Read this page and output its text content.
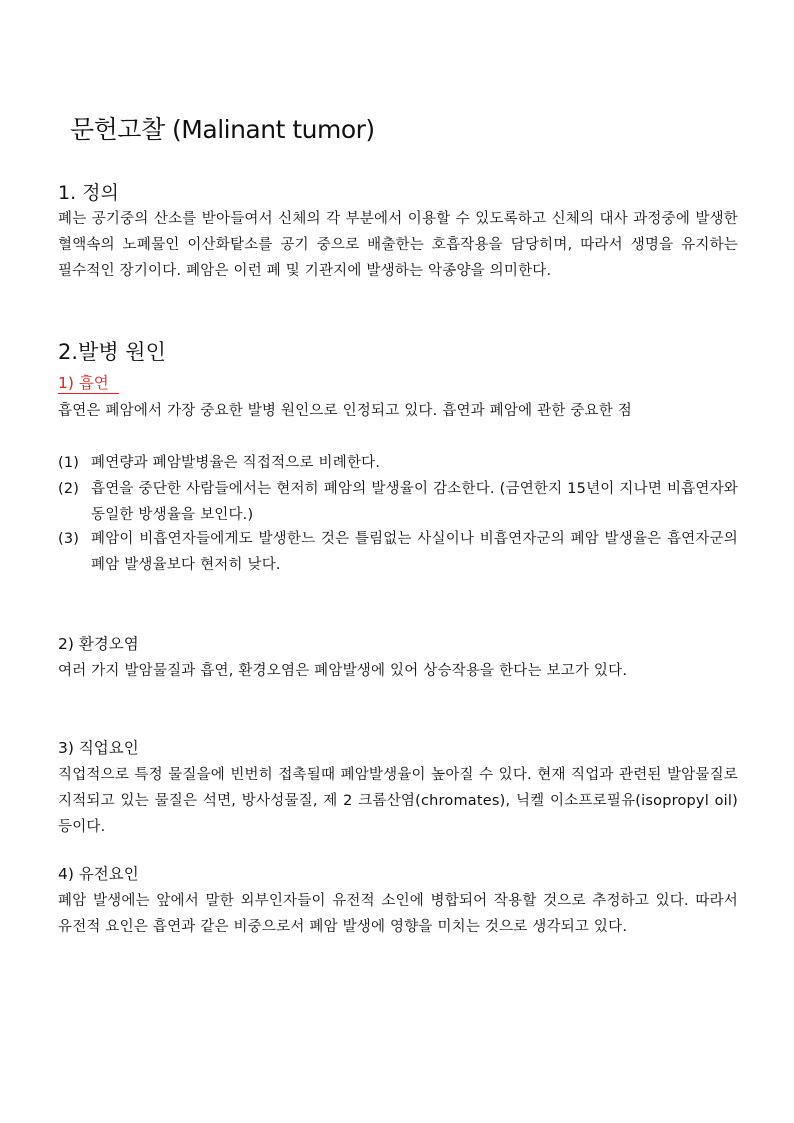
문헌고찰 (Malinant tumor)
1. 정의
폐는 공기중의 산소를 받아들여서 신체의 각 부분에서 이용할 수 있도록하고 신체의 대사 과정중에 발생한 혈액속의 노폐물인 이산화탙소를 공기 중으로 배출한는 호흡작용을 담당히며, 따라서 생명을 유지하는 필수적인 장기이다. 폐암은 이런 폐 및 기관지에 발생하는 악종양을 의미한다.
2.발병 원인
1) 흡연
흡연은 폐암에서 가장 중요한 발병 원인으로 인정되고 있다. 흡연과 폐암에 관한 중요한 점
(1) 폐연량과 폐암발병율은 직접적으로 비례한다.
(2) 흡연을 중단한 사람들에서는 현저히 폐암의 발생율이 감소한다. (금연한지 15년이 지나면 비흡연자와 동일한 방생율을 보인다.)
(3) 폐암이 비흡연자들에게도 발생한느 것은 틀림없는 사실이나 비흡연자군의 폐암 발생율은 흡연자군의 폐암 발생율보다 현저히 낮다.
2) 환경오염
여러 가지 발암물질과 흡연, 환경오염은 폐암발생에 있어 상승작용을 한다는 보고가 있다.
3) 직업요인
직업적으로 특정 물질을에 빈번히 접촉될때 폐암발생율이 높아질 수 있다. 현재 직업과 관련된 발암물질로 지적되고 있는 물질은 석면, 방사성물질, 제 2 크롬산염(chromates), 닉켈 이소프로필유(isopropyl oil)등이다.
4) 유전요인
폐암 발생에는 앞에서 말한 외부인자들이 유전적 소인에 병합되어 작용할 것으로 추정하고 있다. 따라서 유전적 요인은 흡연과 같은 비중으로서 폐암 발생에 영향을 미치는 것으로 생각되고 있다.
